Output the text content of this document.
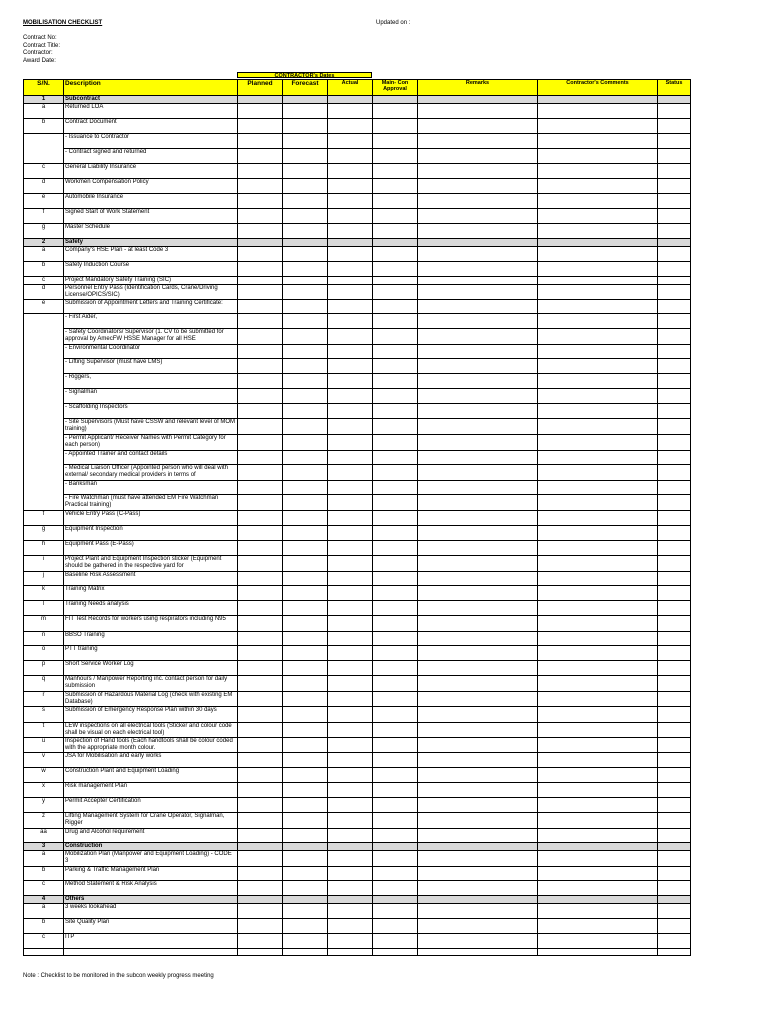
MOBILISATION CHECKLIST	Updated on :
Contract No:
Contract Title:
Contractor:
Award Date:
CONTRACTOR's Dates
S/N.	Description	Planned	Forecast	Actual	Main- Con Approval	Remarks	Contractor's Comments	Status
1	Subcontract							
a	Returned LOA							
b	Contract Document							
	- Issuance to Contractor							
	- Contract signed and returned							
c	General Liability Insurance							
d	Workmen Compensation Policy							
e	Automobile Insurance							
f	Signed Start of Work Statement							
g	Master Schedule							
2	Safety							
a	Company's HSE Plan - at least Code 3							
b	Safety Induction Course							
c	Project Mandatory Safety Training (SIC)							
d	Personnel Entry Pass (Identification Cards, Crane/Driving License/OPICS/SIC)							
e	Submission of Appointment Letters and Training Certificate:							
	- First Aider,							
	- Safety Coordinators/ Supervisor (1. CV to be submitted for approval by AmecFW HSSE Manager for all HSE							
	- Environmental Coordinator							
	- Lifting Supervisor (must have LMS)							
	- Riggers,							
	- Signalman							
	- Scaffolding Inspectors							
	- Site Supervisors (Must have CSSW and relevant level of MOM training)							
	- Permit Applicant/ Receiver Names with Permit Category for each person)							
	- Appointed Trainer and contact details							
	- Medical Liaison Officer (Appointed person who will deal with external/ secondary medical providers in terms of							
	- Banksman							
	- Fire Watchman (must have attended EM Fire Watchman Practical training)							
f	Vehicle Entry Pass (C-Pass)							
g	Equipment Inspection							
h	Equipment Pass (E-Pass)							
i	Project Plant and Equipment Inspection sticker (Equipment should be gathered in the respective yard for							
j	Baseline Risk Assessment							
k	Training Matrix							
l	Training Needs analysis							
m	FIT Test Records for workers using respirators including N95							
n	BBSO Training							
o	PTT training							
p	Short Service Worker Log							
q	Manhours / Manpower Reporting inc. contact person for daily submission							
r	Submission of Hazardous Material Log (check with existing EM Database)							
s	Submission of Emergency Response Plan within 30 days							
t	LEW inspections on all electrical tools (Sticker and colour code shall be visual on each electrical tool)							
u	Inspection of Hand tools (Each handtools shall be colour coded with the appropriate month colour.							
v	JSA for Mobilisation and early works							
w	Construction Plant and Equipment Loading							
x	Risk management Plan							
y	Permit Accepter Certification							
z	Lifting Management System for Crane Operator, Signalman, Rigger							
aa	Drug and Alcohol requirement							
3	Construction							
a	Mobilization Plan (Manpower and Equipment Loading) - CODE 3							
b	Parking & Traffic Management Plan							
c	Method Statement & Risk Analysis							
4	Others							
a	3 weeks lookahead							
b	Site Quality Plan							
c	ITP							

Note : Checklist to be monitored in the subcon weekly progress meeting
